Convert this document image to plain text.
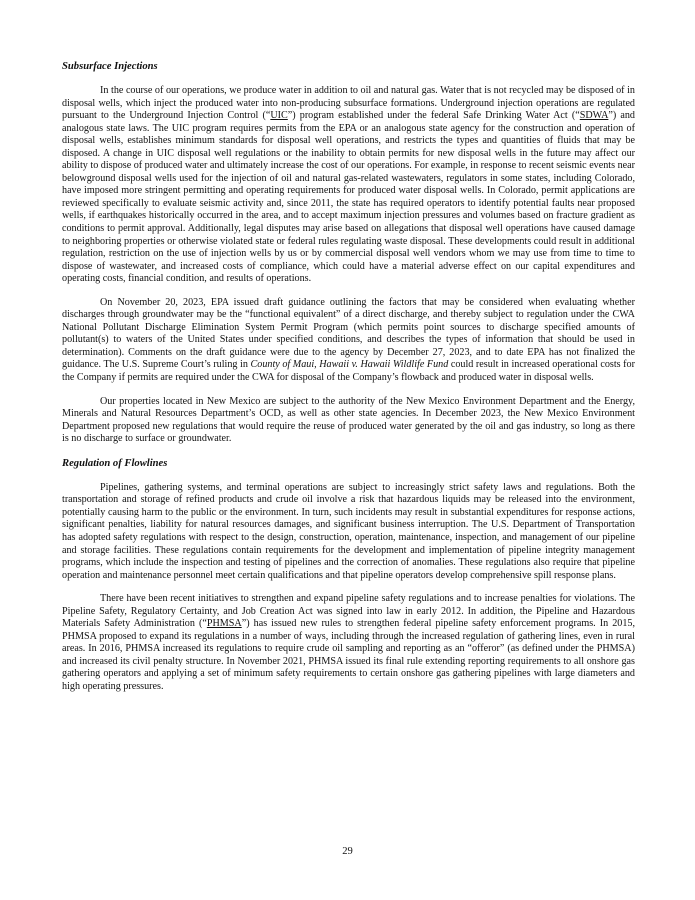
Subsurface Injections

In the course of our operations, we produce water in addition to oil and natural gas. Water that is not recycled may be disposed of in disposal wells, which inject the produced water into non-producing subsurface formations. Underground injection operations are regulated pursuant to the Underground Injection Control (“UIC”) program established under the federal Safe Drinking Water Act (“SDWA”) and analogous state laws. The UIC program requires permits from the EPA or an analogous state agency for the construction and operation of disposal wells, establishes minimum standards for disposal well operations, and restricts the types and quantities of fluids that may be disposed. A change in UIC disposal well regulations or the inability to obtain permits for new disposal wells in the future may affect our ability to dispose of produced water and ultimately increase the cost of our operations. For example, in response to recent seismic events near belowground disposal wells used for the injection of oil and natural gas-related wastewaters, regulators in some states, including Colorado, have imposed more stringent permitting and operating requirements for produced water disposal wells. In Colorado, permit applications are reviewed specifically to evaluate seismic activity and, since 2011, the state has required operators to identify potential faults near proposed wells, if earthquakes historically occurred in the area, and to accept maximum injection pressures and volumes based on fracture gradient as conditions to permit approval. Additionally, legal disputes may arise based on allegations that disposal well operations have caused damage to neighboring properties or otherwise violated state or federal rules regulating waste disposal. These developments could result in additional regulation, restriction on the use of injection wells by us or by commercial disposal well vendors whom we may use from time to time to dispose of wastewater, and increased costs of compliance, which could have a material adverse effect on our capital expenditures and operating costs, financial condition, and results of operations.

On November 20, 2023, EPA issued draft guidance outlining the factors that may be considered when evaluating whether discharges through groundwater may be the “functional equivalent” of a direct discharge, and thereby subject to regulation under the CWA National Pollutant Discharge Elimination System Permit Program (which permits point sources to discharge specified amounts of pollutant(s) to waters of the United States under specified conditions, and describes the types of information that should be used in determination). Comments on the draft guidance were due to the agency by December 27, 2023, and to date EPA has not finalized the guidance. The U.S. Supreme Court’s ruling in County of Maui, Hawaii v. Hawaii Wildlife Fund could result in increased operational costs for the Company if permits are required under the CWA for disposal of the Company’s flowback and produced water in disposal wells.

Our properties located in New Mexico are subject to the authority of the New Mexico Environment Department and the Energy, Minerals and Natural Resources Department’s OCD, as well as other state agencies. In December 2023, the New Mexico Environment Department proposed new regulations that would require the reuse of produced water generated by the oil and gas industry, so long as there is no discharge to surface or groundwater.

Regulation of Flowlines

Pipelines, gathering systems, and terminal operations are subject to increasingly strict safety laws and regulations. Both the transportation and storage of refined products and crude oil involve a risk that hazardous liquids may be released into the environment, potentially causing harm to the public or the environment. In turn, such incidents may result in substantial expenditures for response actions, significant penalties, liability for natural resources damages, and significant business interruption. The U.S. Department of Transportation has adopted safety regulations with respect to the design, construction, operation, maintenance, inspection, and management of our pipeline and storage facilities. These regulations contain requirements for the development and implementation of pipeline integrity management programs, which include the inspection and testing of pipelines and the correction of anomalies. These regulations also require that pipeline operation and maintenance personnel meet certain qualifications and that pipeline operators develop comprehensive spill response plans.

There have been recent initiatives to strengthen and expand pipeline safety regulations and to increase penalties for violations. The Pipeline Safety, Regulatory Certainty, and Job Creation Act was signed into law in early 2012. In addition, the Pipeline and Hazardous Materials Safety Administration (“PHMSA”) has issued new rules to strengthen federal pipeline safety enforcement programs. In 2015, PHMSA proposed to expand its regulations in a number of ways, including through the increased regulation of gathering lines, even in rural areas. In 2016, PHMSA increased its regulations to require crude oil sampling and reporting as an “offeror” (as defined under the PHMSA) and increased its civil penalty structure. In November 2021, PHMSA issued its final rule extending reporting requirements to all onshore gas gathering operators and applying a set of minimum safety requirements to certain onshore gas gathering pipelines with large diameters and high operating pressures.

29
